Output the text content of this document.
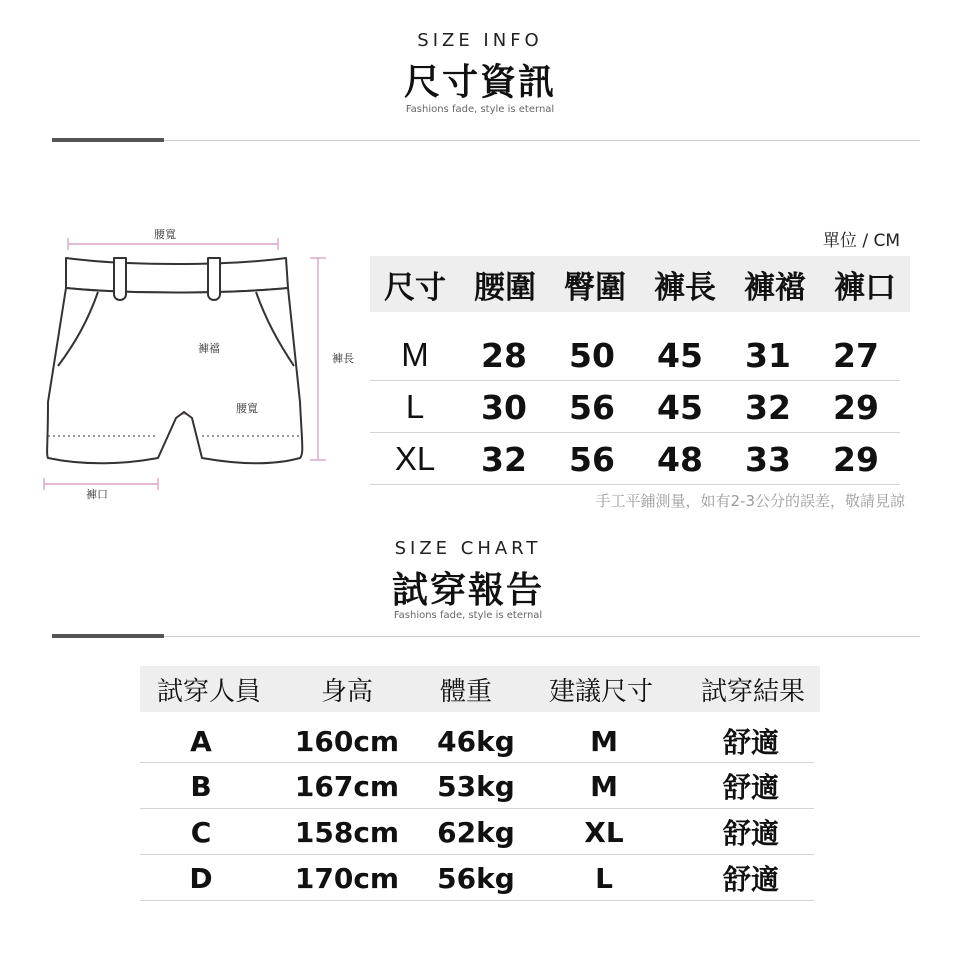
SIZE INFO
尺寸資訊
Fashions fade, style is eternal
腰寬
褲襠
腰寬
褲長
褲口
單位 / CM
尺寸 腰圍 臀圍 褲長 褲襠 褲口
M	28	50	45	31	27
L	30	56	45	32	29
XL	32	56	48	33	29
手工平鋪測量，如有2-3公分的誤差，敬請見諒
SIZE CHART
試穿報告
Fashions fade, style is eternal
試穿人員	身高	體重	建議尺寸	試穿結果
A	160cm	46kg	M	舒適
B	167cm	53kg	M	舒適
C	158cm	62kg	XL	舒適
D	170cm	56kg	L	舒適
